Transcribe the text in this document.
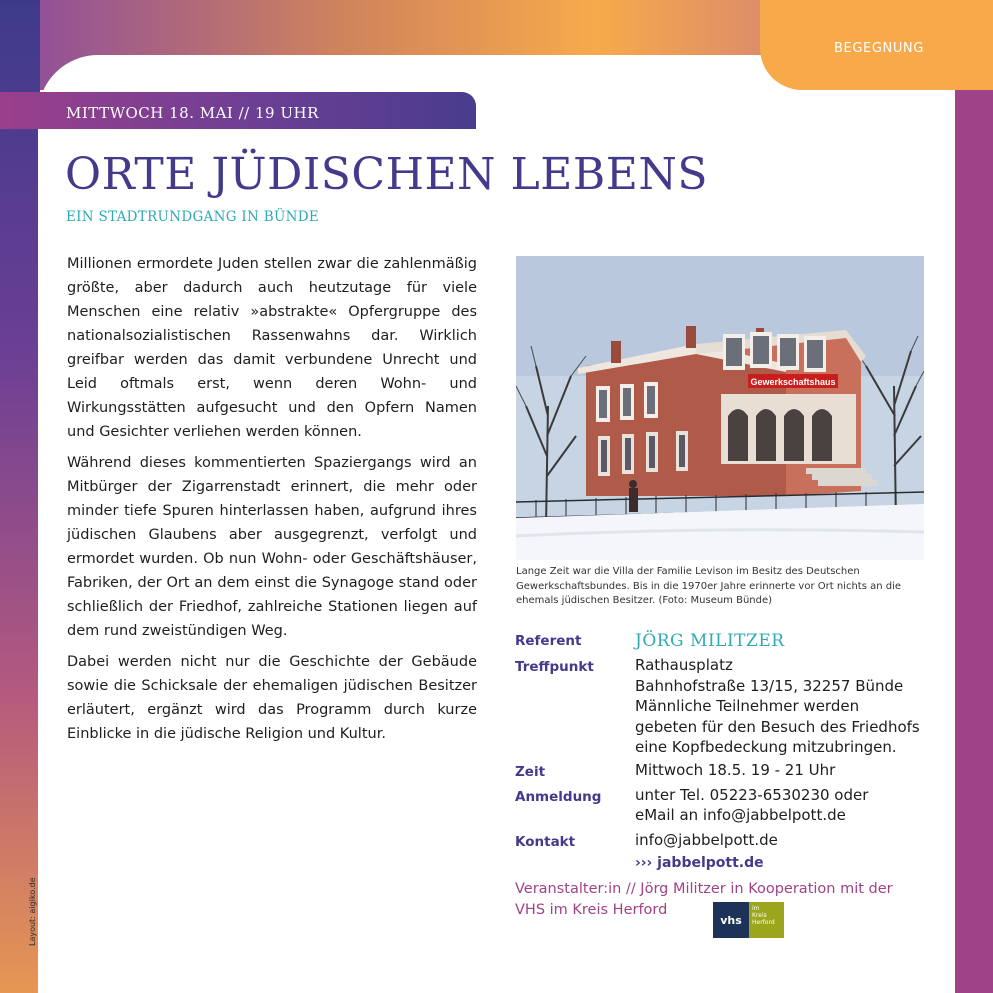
BEGEGNUNG
MITTWOCH 18. MAI // 19 UHR
Layout: aigiko.de
ORTE JÜDISCHEN LEBENS
EIN STADTRUNDGANG IN BÜNDE

Millionen ermordete Juden stellen zwar die zahlenmäßig größte, aber dadurch auch heutzutage für viele Menschen eine relativ »abstrakte« Opfergruppe des nationalsozialistischen Rassenwahns dar. Wirklich greifbar werden das damit verbundene Unrecht und Leid oftmals erst, wenn deren Wohn- und Wirkungsstätten aufgesucht und den Opfern Namen und Gesichter verliehen werden können.

Während dieses kommentierten Spaziergangs wird an Mitbürger der Zigarrenstadt erinnert, die mehr oder minder tiefe Spuren hinterlassen haben, aufgrund ihres jüdischen Glaubens aber ausgegrenzt, verfolgt und ermordet wurden. Ob nun Wohn- oder Geschäftshäuser, Fabriken, der Ort an dem einst die Synagoge stand oder schließlich der Friedhof, zahlreiche Stationen liegen auf dem rund zweistündigen Weg.

Dabei werden nicht nur die Geschichte der Gebäude sowie die Schicksale der ehemaligen jüdischen Besitzer erläutert, ergänzt wird das Programm durch kurze Einblicke in die jüdische Religion und Kultur.

Gewerkschaftshaus
Lange Zeit war die Villa der Familie Levison im Besitz des Deutschen Gewerkschaftsbundes. Bis in die 1970er Jahre erinnerte vor Ort nichts an die ehemals jüdischen Besitzer. (Foto: Museum Bünde)
Referent	JÖRG MILITZER
Treffpunkt	Rathausplatz
Bahnhofstraße 13/15, 32257 Bünde
Männliche Teilnehmer werden gebeten für den Besuch des Friedhofs eine Kopfbedeckung mitzubringen.
Zeit	Mittwoch 18.5. 19 - 21 Uhr
Anmeldung	unter Tel. 05223-6530230 oder
eMail an info@jabbelpott.de
Kontakt	info@jabbelpott.de
››› jabbelpott.de
Veranstalter:in // Jörg Militzer in Kooperation mit der VHS im Kreis Herford
vhs
im
Kreis
Herford
